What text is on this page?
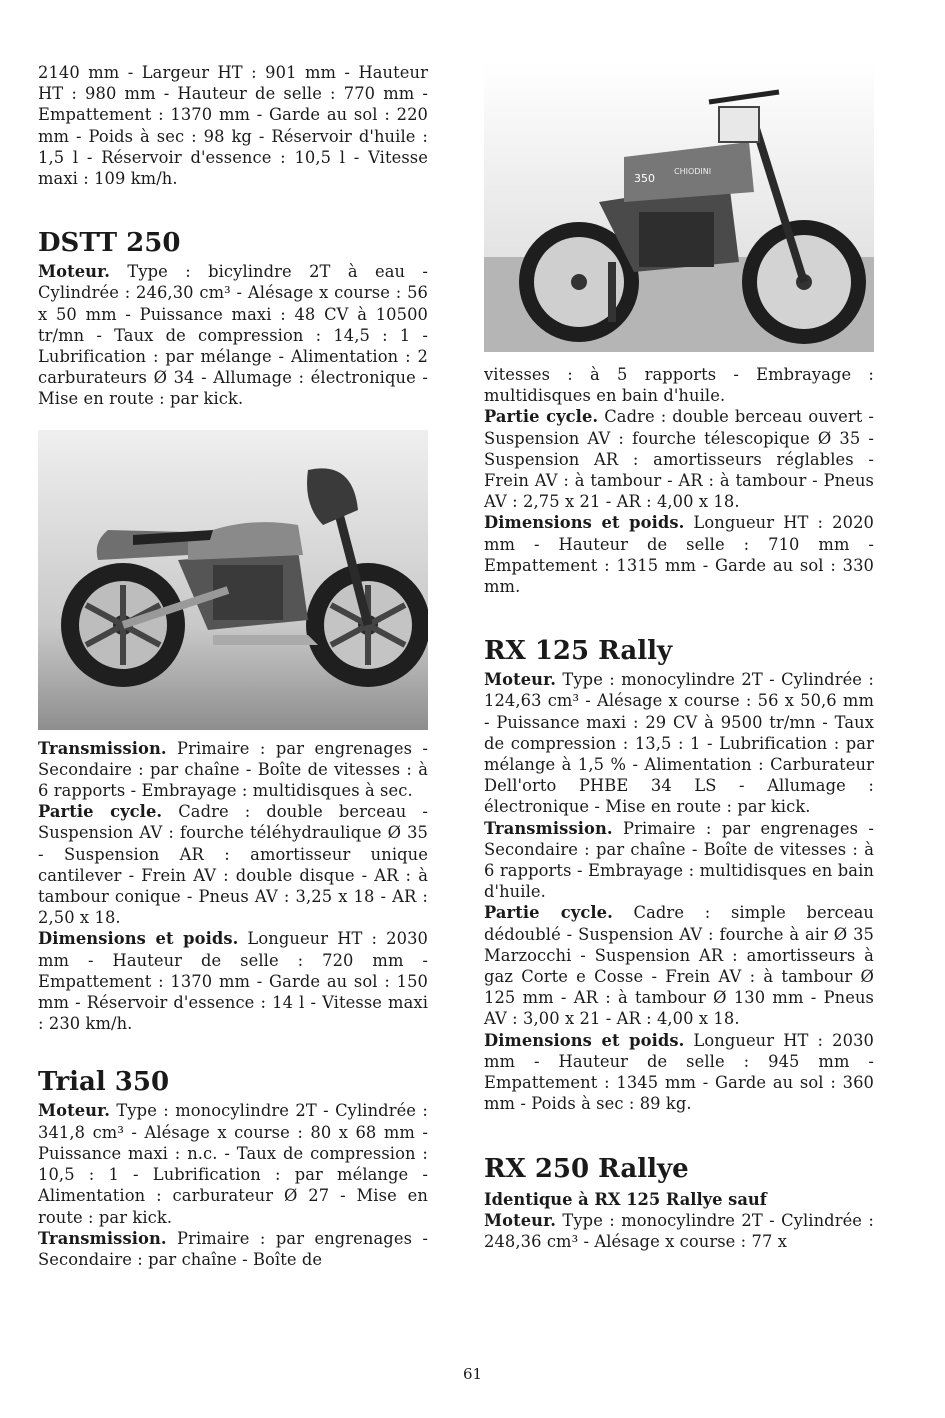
2140 mm - Largeur HT : 901 mm - Hauteur HT : 980 mm - Hauteur de selle : 770 mm - Empattement : 1370 mm - Garde au sol : 220 mm - Poids à sec : 98 kg - Réservoir d'huile : 1,5 l - Réservoir d'essence : 10,5 l - Vitesse maxi : 109 km/h.

DSTT 250

Moteur. Type : bicylindre 2T à eau - Cylindrée : 246,30 cm³ - Alésage x course : 56 x 50 mm - Puissance maxi : 48 CV à 10500 tr/mn - Taux de compression : 14,5 : 1 - Lubrification : par mélange - Alimentation : 2 carburateurs Ø 34 - Allumage : électronique - Mise en route : par kick.

Transmission. Primaire : par engrenages - Secondaire : par chaîne - Boîte de vitesses : à 6 rapports - Embrayage : multidisques à sec.

Partie cycle. Cadre : double berceau - Suspension AV : fourche téléhydraulique Ø 35 - Suspension AR : amortisseur unique cantilever - Frein AV : double disque - AR : à tambour conique - Pneus AV : 3,25 x 18 - AR : 2,50 x 18.

Dimensions et poids. Longueur HT : 2030 mm - Hauteur de selle : 720 mm - Empattement : 1370 mm - Garde au sol : 150 mm - Réservoir d'essence : 14 l - Vitesse maxi : 230 km/h.

Trial 350

Moteur. Type : monocylindre 2T - Cylindrée : 341,8 cm³ - Alésage x course : 80 x 68 mm - Puissance maxi : n.c. - Taux de compression : 10,5 : 1 - Lubrification : par mélange - Alimentation : carburateur Ø 27 - Mise en route : par kick.

Transmission. Primaire : par engrenages - Secondaire : par chaîne - Boîte de

350
CHIODINI

vitesses : à 5 rapports - Embrayage : multidisques en bain d'huile.

Partie cycle. Cadre : double berceau ouvert - Suspension AV : fourche télescopique Ø 35 - Suspension AR : amortisseurs réglables - Frein AV : à tambour - AR : à tambour - Pneus AV : 2,75 x 21 - AR : 4,00 x 18.

Dimensions et poids. Longueur HT : 2020 mm - Hauteur de selle : 710 mm - Empattement : 1315 mm - Garde au sol : 330 mm.

RX 125 Rally

Moteur. Type : monocylindre 2T - Cylindrée : 124,63 cm³ - Alésage x course : 56 x 50,6 mm - Puissance maxi : 29 CV à 9500 tr/mn - Taux de compression : 13,5 : 1 - Lubrification : par mélange à 1,5 % - Alimentation : Carburateur Dell'orto PHBE 34 LS - Allumage : électronique - Mise en route : par kick.

Transmission. Primaire : par engrenages - Secondaire : par chaîne - Boîte de vitesses : à 6 rapports - Embrayage : multidisques en bain d'huile.

Partie cycle. Cadre : simple berceau dédoublé - Suspension AV : fourche à air Ø 35 Marzocchi - Suspension AR : amortisseurs à gaz Corte e Cosse - Frein AV : à tambour Ø 125 mm - AR : à tambour Ø 130 mm - Pneus AV : 3,00 x 21 - AR : 4,00 x 18.

Dimensions et poids. Longueur HT : 2030 mm - Hauteur de selle : 945 mm - Empattement : 1345 mm - Garde au sol : 360 mm - Poids à sec : 89 kg.

RX 250 Rallye

Identique à RX 125 Rallye sauf

Moteur. Type : monocylindre 2T - Cylindrée : 248,36 cm³ - Alésage x course : 77 x

61
